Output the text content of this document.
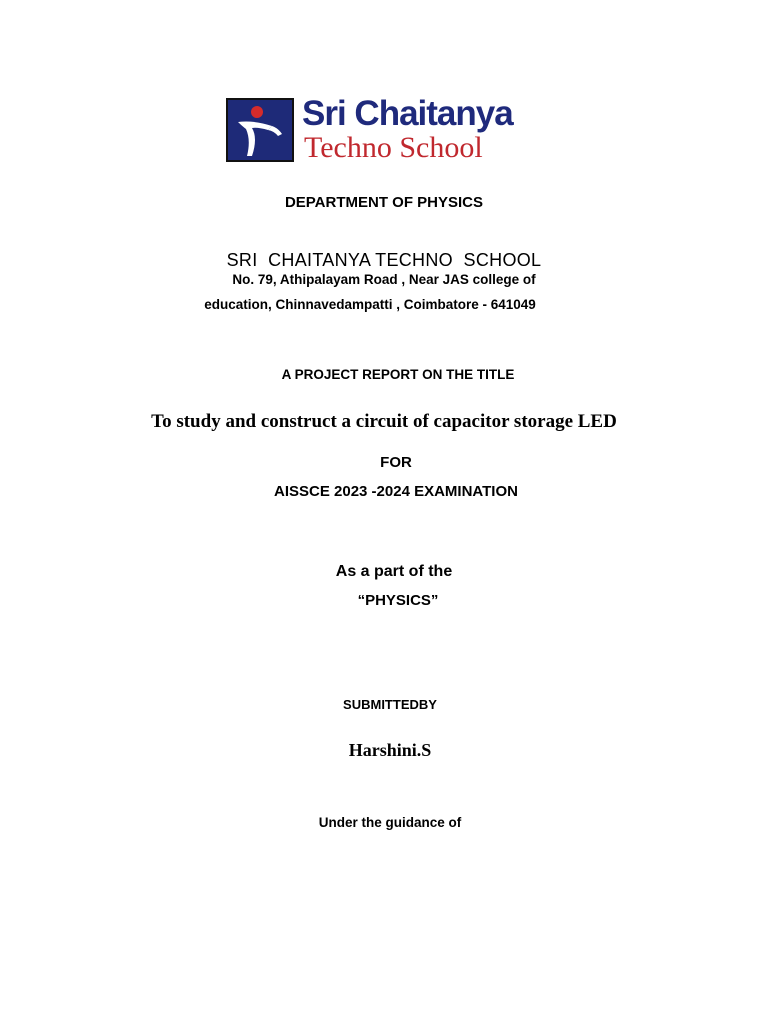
Sri Chaitanya
Techno School
DEPARTMENT OF PHYSICS
SRI  CHAITANYA TECHNO  SCHOOL
No. 79, Athipalayam Road , Near JAS college of
education, Chinnavedampatti , Coimbatore - 641049
A PROJECT REPORT ON THE TITLE
To study and construct a circuit of capacitor storage LED
FOR
AISSCE 2023 -2024 EXAMINATION
As a part of the
“PHYSICS”
SUBMITTEDBY
Harshini.S
Under the guidance of
